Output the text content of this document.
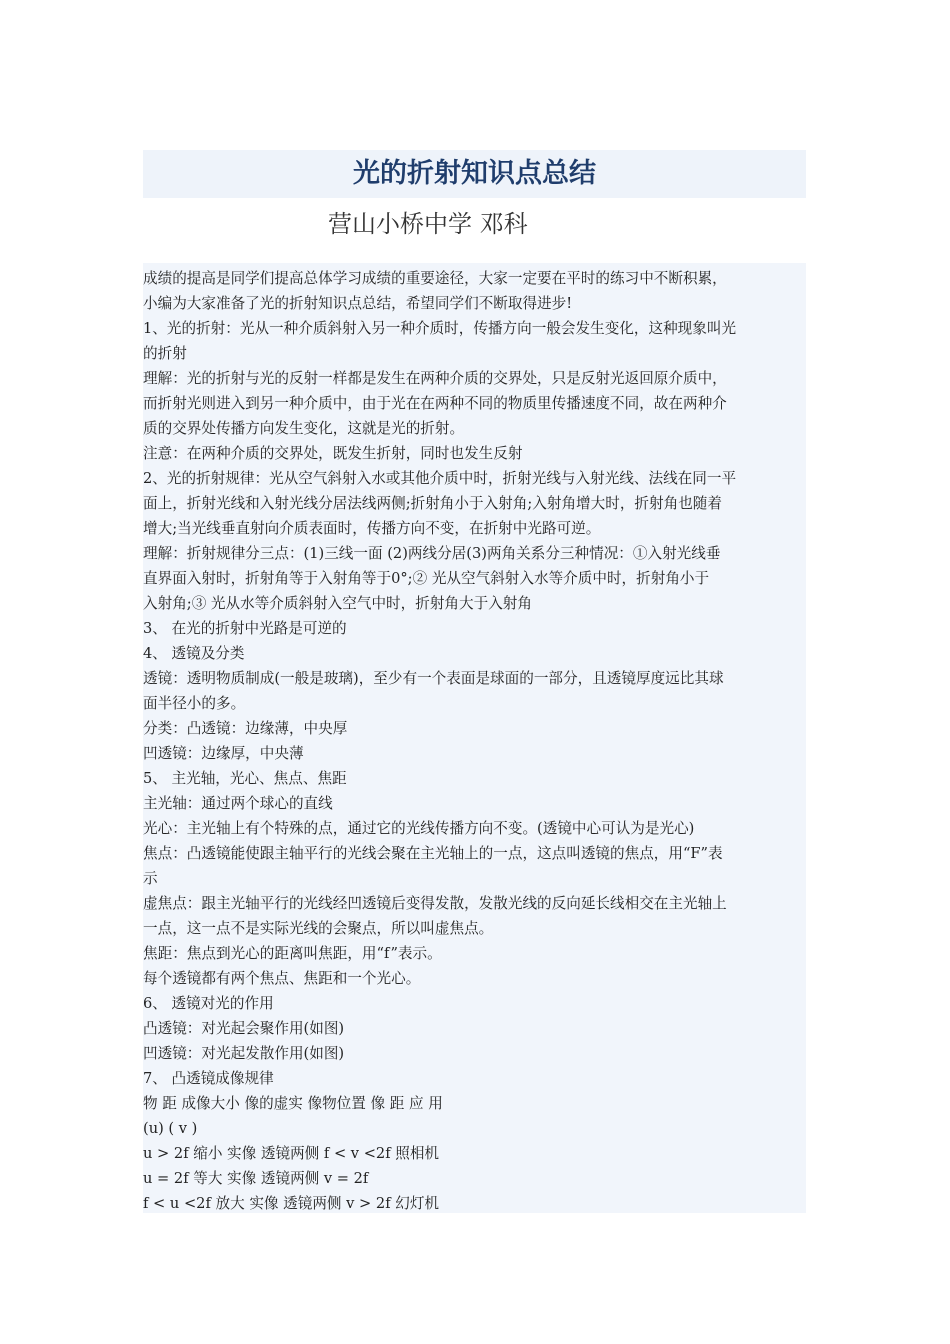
光的折射知识点总结
营山小桥中学 邓科
成绩的提高是同学们提高总体学习成绩的重要途径，大家一定要在平时的练习中不断积累，
小编为大家准备了光的折射知识点总结，希望同学们不断取得进步!
1、光的折射：光从一种介质斜射入另一种介质时，传播方向一般会发生变化，这种现象叫光
的折射
理解：光的折射与光的反射一样都是发生在两种介质的交界处，只是反射光返回原介质中，
而折射光则进入到另一种介质中，由于光在在两种不同的物质里传播速度不同，故在两种介
质的交界处传播方向发生变化，这就是光的折射。
注意：在两种介质的交界处，既发生折射，同时也发生反射
2、光的折射规律：光从空气斜射入水或其他介质中时，折射光线与入射光线、法线在同一平
面上，折射光线和入射光线分居法线两侧;折射角小于入射角;入射角增大时，折射角也随着
增大;当光线垂直射向介质表面时，传播方向不变，在折射中光路可逆。
理解：折射规律分三点：(1)三线一面 (2)两线分居(3)两角关系分三种情况：①入射光线垂
直界面入射时，折射角等于入射角等于0°;② 光从空气斜射入水等介质中时，折射角小于
入射角;③ 光从水等介质斜射入空气中时，折射角大于入射角
3、 在光的折射中光路是可逆的
4、 透镜及分类
透镜：透明物质制成(一般是玻璃)，至少有一个表面是球面的一部分，且透镜厚度远比其球
面半径小的多。
分类：凸透镜：边缘薄，中央厚
凹透镜：边缘厚，中央薄
5、 主光轴，光心、焦点、焦距
主光轴：通过两个球心的直线
光心：主光轴上有个特殊的点，通过它的光线传播方向不变。(透镜中心可认为是光心)
焦点：凸透镜能使跟主轴平行的光线会聚在主光轴上的一点，这点叫透镜的焦点，用“F”表
示
虚焦点：跟主光轴平行的光线经凹透镜后变得发散，发散光线的反向延长线相交在主光轴上
一点，这一点不是实际光线的会聚点，所以叫虚焦点。
焦距：焦点到光心的距离叫焦距，用“f”表示。
每个透镜都有两个焦点、焦距和一个光心。
6、 透镜对光的作用
凸透镜：对光起会聚作用(如图)
凹透镜：对光起发散作用(如图)
7、 凸透镜成像规律
物 距 成像大小 像的虚实 像物位置 像 距 应 用
(u) ( v )
u > 2f 缩小 实像 透镜两侧 f < v <2f 照相机
u = 2f 等大 实像 透镜两侧 v = 2f
f < u <2f 放大 实像 透镜两侧 v > 2f 幻灯机
